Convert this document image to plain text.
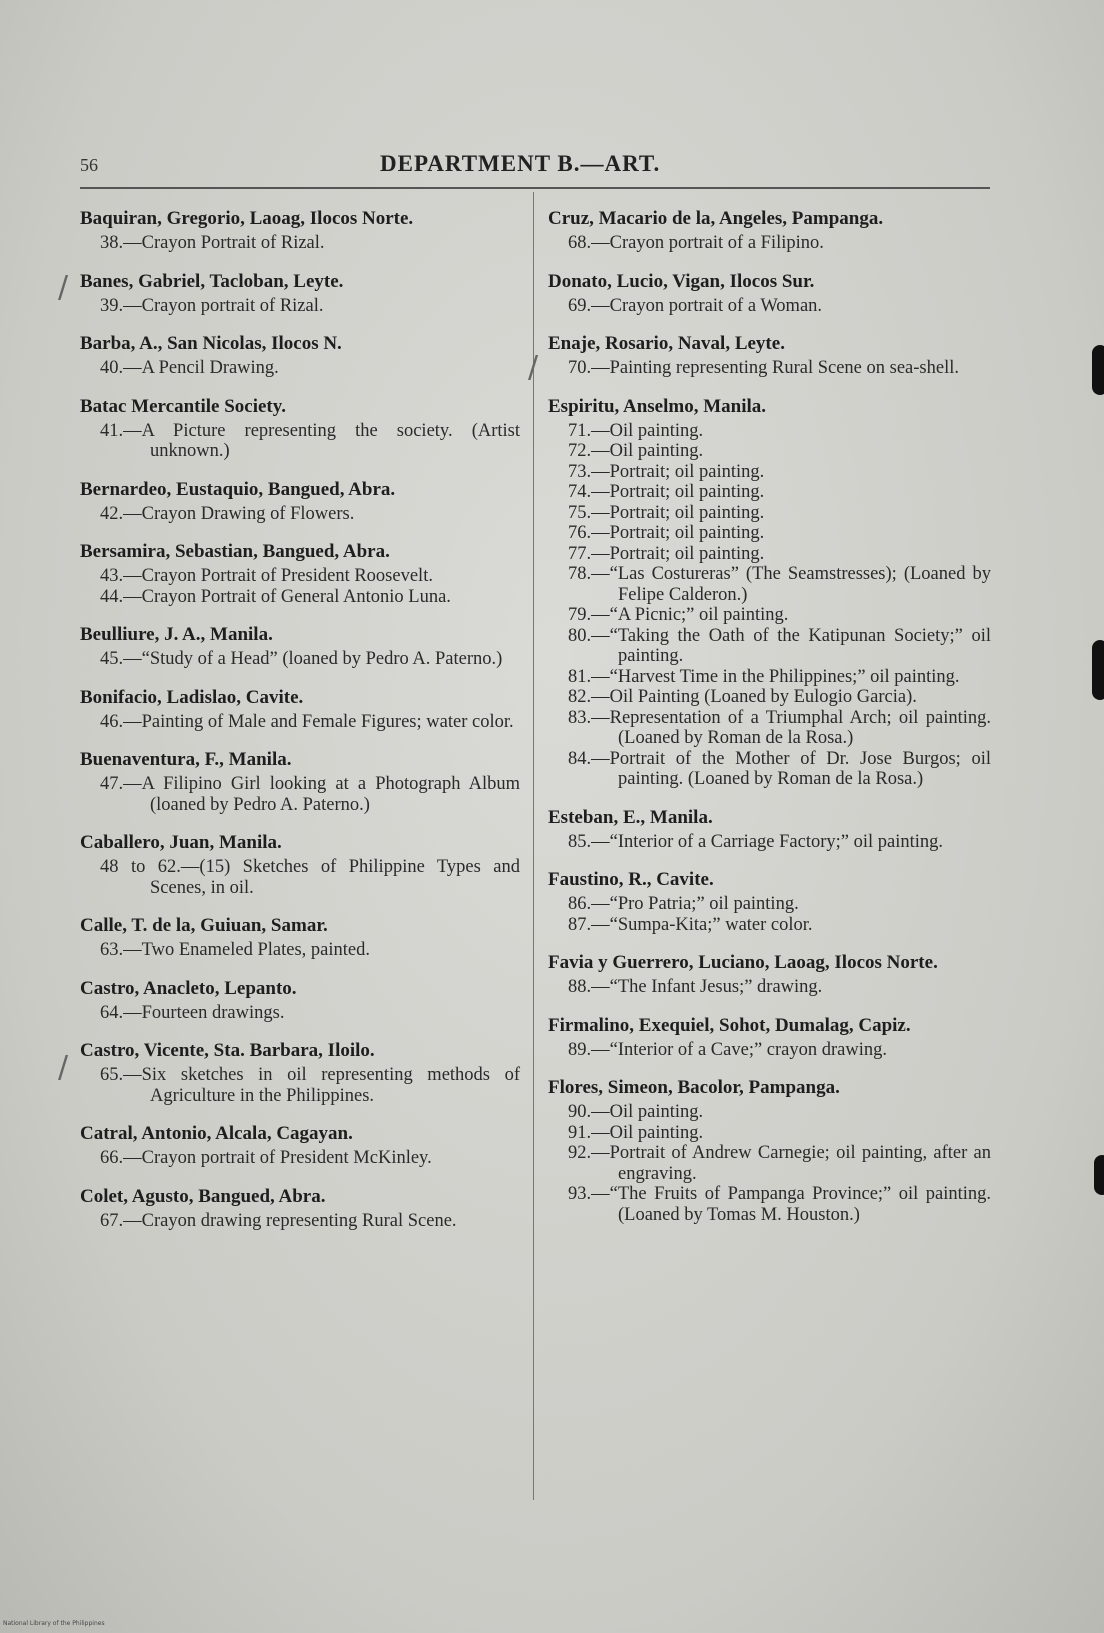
56	DEPARTMENT B.—ART.
/
/
/
Baquiran, Gregorio, Laoag, Ilocos Norte.
38.—Crayon Portrait of Rizal.
Banes, Gabriel, Tacloban, Leyte.
39.—Crayon portrait of Rizal.
Barba, A., San Nicolas, Ilocos N.
40.—A Pencil Drawing.
Batac Mercantile Society.
41.—A Picture representing the society. (Artist unknown.)
Bernardeo, Eustaquio, Bangued, Abra.
42.—Crayon Drawing of Flowers.
Bersamira, Sebastian, Bangued, Abra.
43.—Crayon Portrait of President Roosevelt.
44.—Crayon Portrait of General Antonio Luna.
Beulliure, J. A., Manila.
45.—“Study of a Head” (loaned by Pedro A. Paterno.)
Bonifacio, Ladislao, Cavite.
46.—Painting of Male and Female Figures; water color.
Buenaventura, F., Manila.
47.—A Filipino Girl looking at a Photograph Album (loaned by Pedro A. Paterno.)
Caballero, Juan, Manila.
48 to 62.—(15) Sketches of Philippine Types and Scenes, in oil.
Calle, T. de la, Guiuan, Samar.
63.—Two Enameled Plates, painted.
Castro, Anacleto, Lepanto.
64.—Fourteen drawings.
Castro, Vicente, Sta. Barbara, Iloilo.
65.—Six sketches in oil representing methods of Agriculture in the Philippines.
Catral, Antonio, Alcala, Cagayan.
66.—Crayon portrait of President McKinley.
Colet, Agusto, Bangued, Abra.
67.—Crayon drawing representing Rural Scene.
Cruz, Macario de la, Angeles, Pampanga.
68.—Crayon portrait of a Filipino.
Donato, Lucio, Vigan, Ilocos Sur.
69.—Crayon portrait of a Woman.
Enaje, Rosario, Naval, Leyte.
70.—Painting representing Rural Scene on sea-shell.
Espiritu, Anselmo, Manila.
71.—Oil painting.
72.—Oil painting.
73.—Portrait; oil painting.
74.—Portrait; oil painting.
75.—Portrait; oil painting.
76.—Portrait; oil painting.
77.—Portrait; oil painting.
78.—“Las Costureras” (The Seamstresses); (Loaned by Felipe Calderon.)
79.—“A Picnic;” oil painting.
80.—“Taking the Oath of the Katipunan Society;” oil painting.
81.—“Harvest Time in the Philippines;” oil painting.
82.—Oil Painting (Loaned by Eulogio Garcia).
83.—Representation of a Triumphal Arch; oil painting. (Loaned by Roman de la Rosa.)
84.—Portrait of the Mother of Dr. Jose Burgos; oil painting. (Loaned by Roman de la Rosa.)
Esteban, E., Manila.
85.—“Interior of a Carriage Factory;” oil painting.
Faustino, R., Cavite.
86.—“Pro Patria;” oil painting.
87.—“Sumpa-Kita;” water color.
Favia y Guerrero, Luciano, Laoag, Ilocos Norte.
88.—“The Infant Jesus;” drawing.
Firmalino, Exequiel, Sohot, Dumalag, Capiz.
89.—“Interior of a Cave;” crayon drawing.
Flores, Simeon, Bacolor, Pampanga.
90.—Oil painting.
91.—Oil painting.
92.—Portrait of Andrew Carnegie; oil painting, after an engraving.
93.—“The Fruits of Pampanga Province;” oil painting. (Loaned by Tomas M. Houston.)
National Library of the Philippines
